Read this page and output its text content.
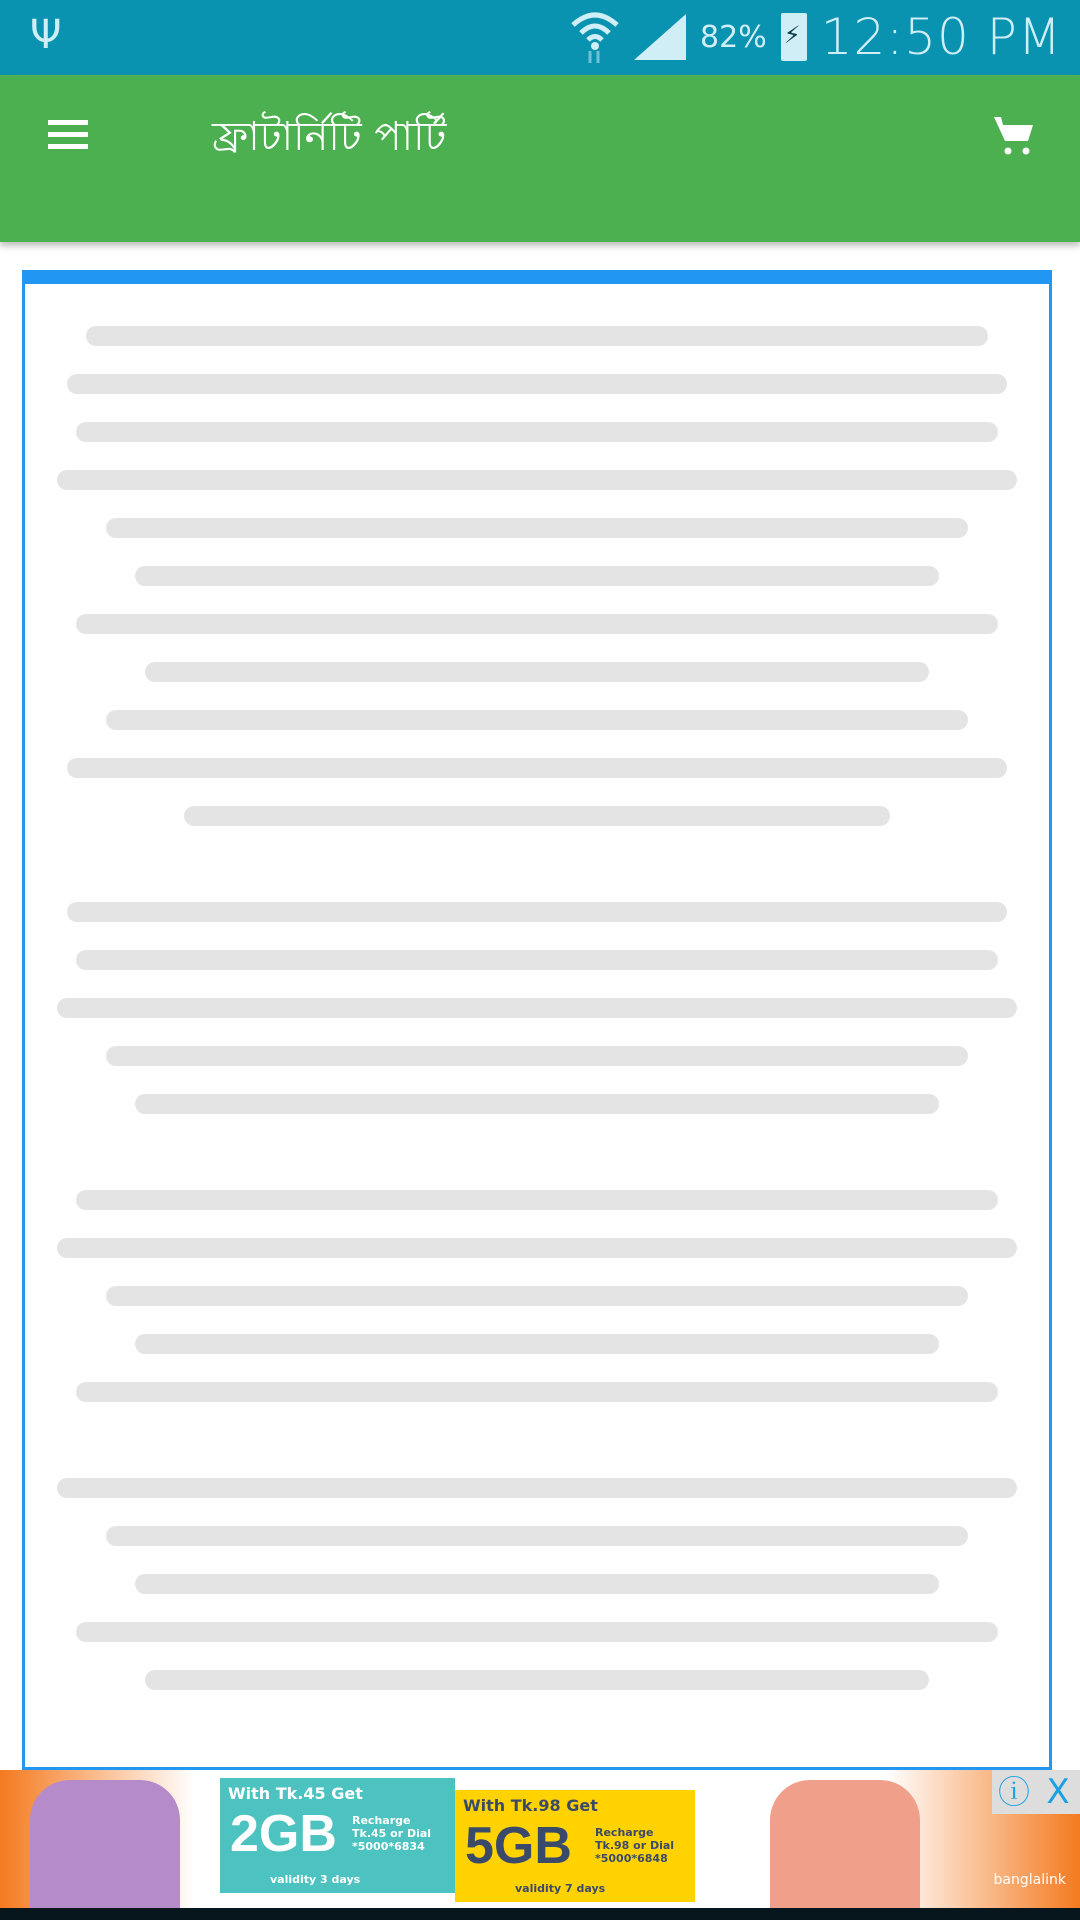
Ψ	82% ⚡ 12:50 PM
ফ্রাটার্নিটি পার্টি
With Tk.45 Get
2GB Recharge Tk.45 or Dial *5000*6834
validity 3 days
With Tk.98 Get
5GB Recharge Tk.98 or Dial *5000*6848
validity 7 days
banglalink
ⓘ X
